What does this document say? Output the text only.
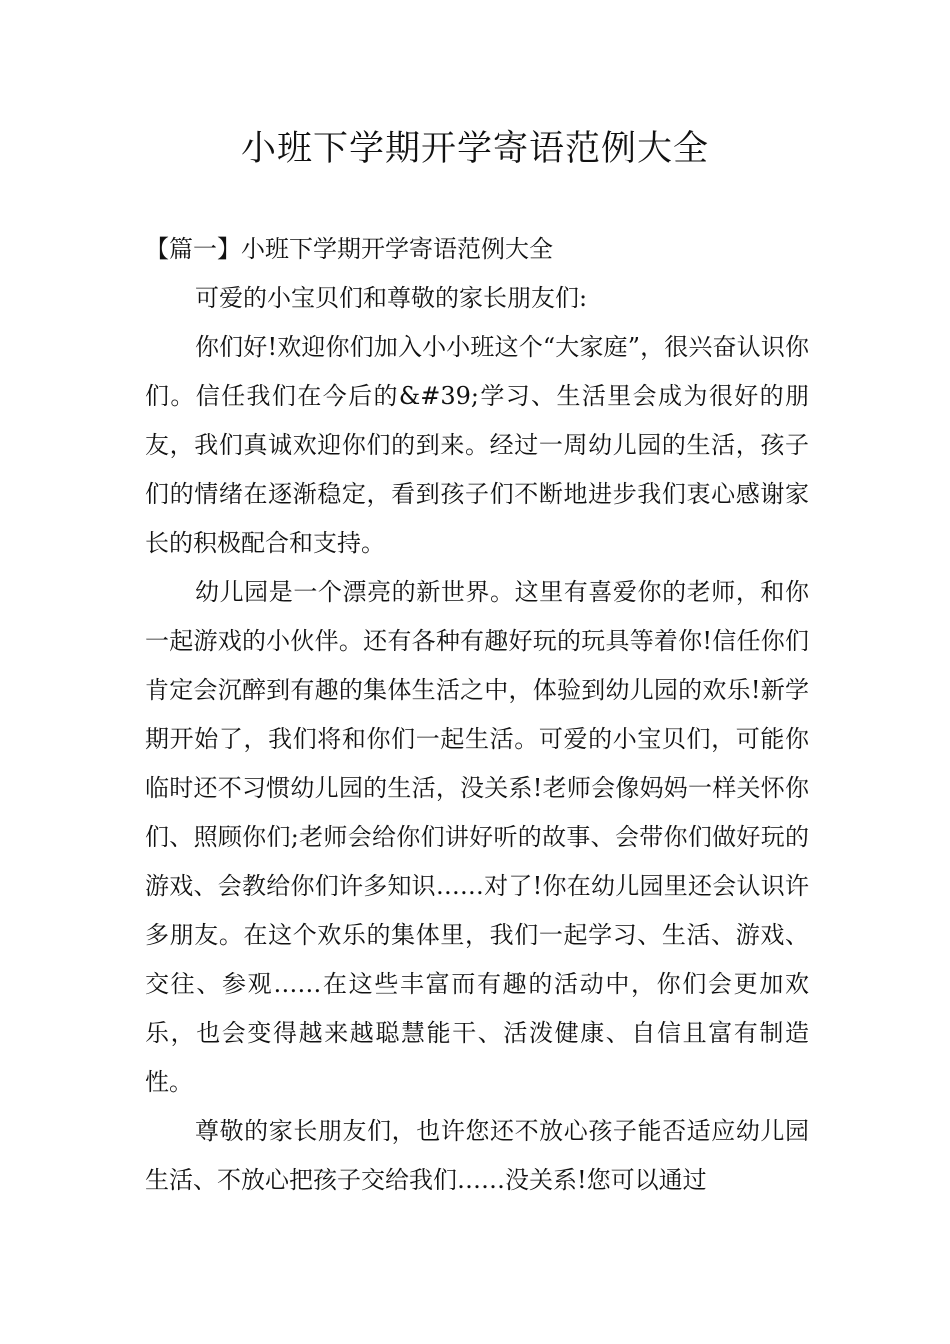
小班下学期开学寄语范例大全

【篇一】小班下学期开学寄语范例大全

可爱的小宝贝们和尊敬的家长朋友们:

你们好!欢迎你们加入小小班这个“大家庭”，很兴奋认识你们。信任我们在今后的&#39;学习、生活里会成为很好的朋友，我们真诚欢迎你们的到来。经过一周幼儿园的生活，孩子们的情绪在逐渐稳定，看到孩子们不断地进步我们衷心感谢家长的积极配合和支持。

幼儿园是一个漂亮的新世界。这里有喜爱你的老师，和你一起游戏的小伙伴。还有各种有趣好玩的玩具等着你!信任你们肯定会沉醉到有趣的集体生活之中，体验到幼儿园的欢乐!新学期开始了，我们将和你们一起生活。可爱的小宝贝们，可能你临时还不习惯幼儿园的生活，没关系!老师会像妈妈一样关怀你们、照顾你们;老师会给你们讲好听的故事、会带你们做好玩的游戏、会教给你们许多知识……对了!你在幼儿园里还会认识许多朋友。在这个欢乐的集体里，我们一起学习、生活、游戏、交往、参观……在这些丰富而有趣的活动中，你们会更加欢乐，也会变得越来越聪慧能干、活泼健康、自信且富有制造性。

尊敬的家长朋友们，也许您还不放心孩子能否适应幼儿园生活、不放心把孩子交给我们……没关系!您可以通过
